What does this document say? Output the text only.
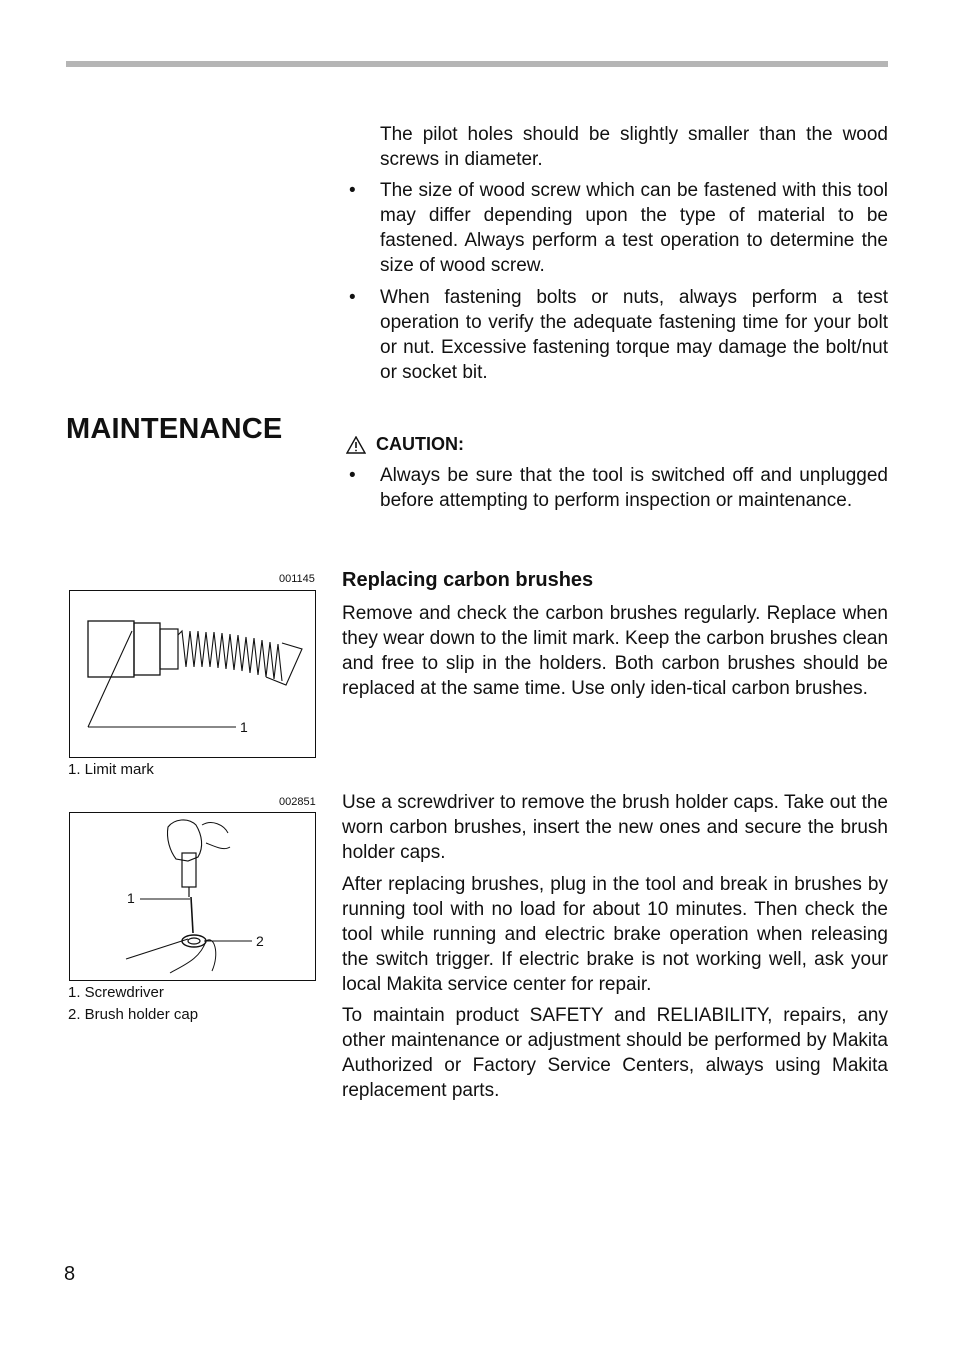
The pilot holes should be slightly smaller than the wood screws in diameter.

• The size of wood screw which can be fastened with this tool may differ depending upon the type of material to be fastened. Always perform a test operation to determine the size of wood screw.

• When fastening bolts or nuts, always perform a test operation to verify the adequate fastening time for your bolt or nut. Excessive fastening torque may damage the bolt/nut or socket bit.

MAINTENANCE	CAUTION:
• Always be sure that the tool is switched off and unplugged before attempting to perform inspection or maintenance.

Replacing carbon brushes

Remove and check the carbon brushes regularly. Replace when they wear down to the limit mark. Keep the carbon brushes clean and free to slip in the holders. Both carbon brushes should be replaced at the same time. Use only iden-tical carbon brushes.

Use a screwdriver to remove the brush holder caps. Take out the worn carbon brushes, insert the new ones and secure the brush holder caps.

After replacing brushes, plug in the tool and break in brushes by running tool with no load for about 10 minutes. Then check the tool while running and electric brake operation when releasing the switch trigger. If electric brake is not working well, ask your local Makita service center for repair.

To maintain product SAFETY and RELIABILITY, repairs, any other maintenance or adjustment should be performed by Makita Authorized or Factory Service Centers, always using Makita replacement parts.

001145
1
1. Limit mark
002851
1
2
1. Screwdriver
2. Brush holder cap
8
